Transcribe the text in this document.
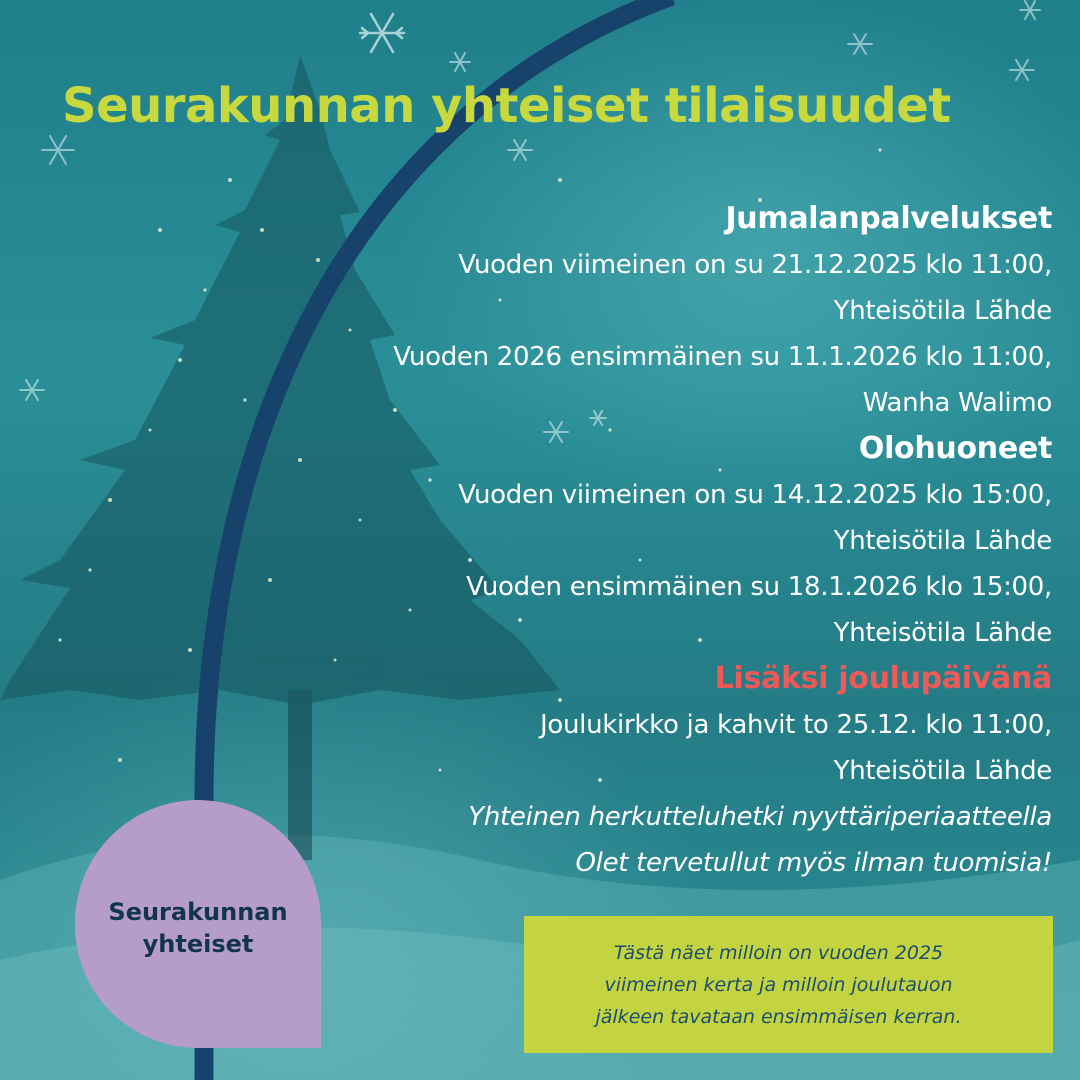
Seurakunnan yhteiset tilaisuudet
Jumalanpalvelukset
Vuoden viimeinen on su 21.12.2025 klo 11:00,
Yhteisötila Lähde
Vuoden 2026 ensimmäinen su 11.1.2026 klo 11:00,
Wanha Walimo
Olohuoneet
Vuoden viimeinen on su 14.12.2025 klo 15:00,
Yhteisötila Lähde
Vuoden ensimmäinen su 18.1.2026 klo 15:00,
Yhteisötila Lähde
Lisäksi joulupäivänä
Joulukirkko ja kahvit to 25.12. klo 11:00,
Yhteisötila Lähde
Yhteinen herkutteluhetki nyyttäriperiaatteella
Olet tervetullut myös ilman tuomisia!
Seurakunnan
yhteiset	Tästä näet milloin on vuoden 2025
viimeinen kerta ja milloin joulutauon
jälkeen tavataan ensimmäisen kerran.
